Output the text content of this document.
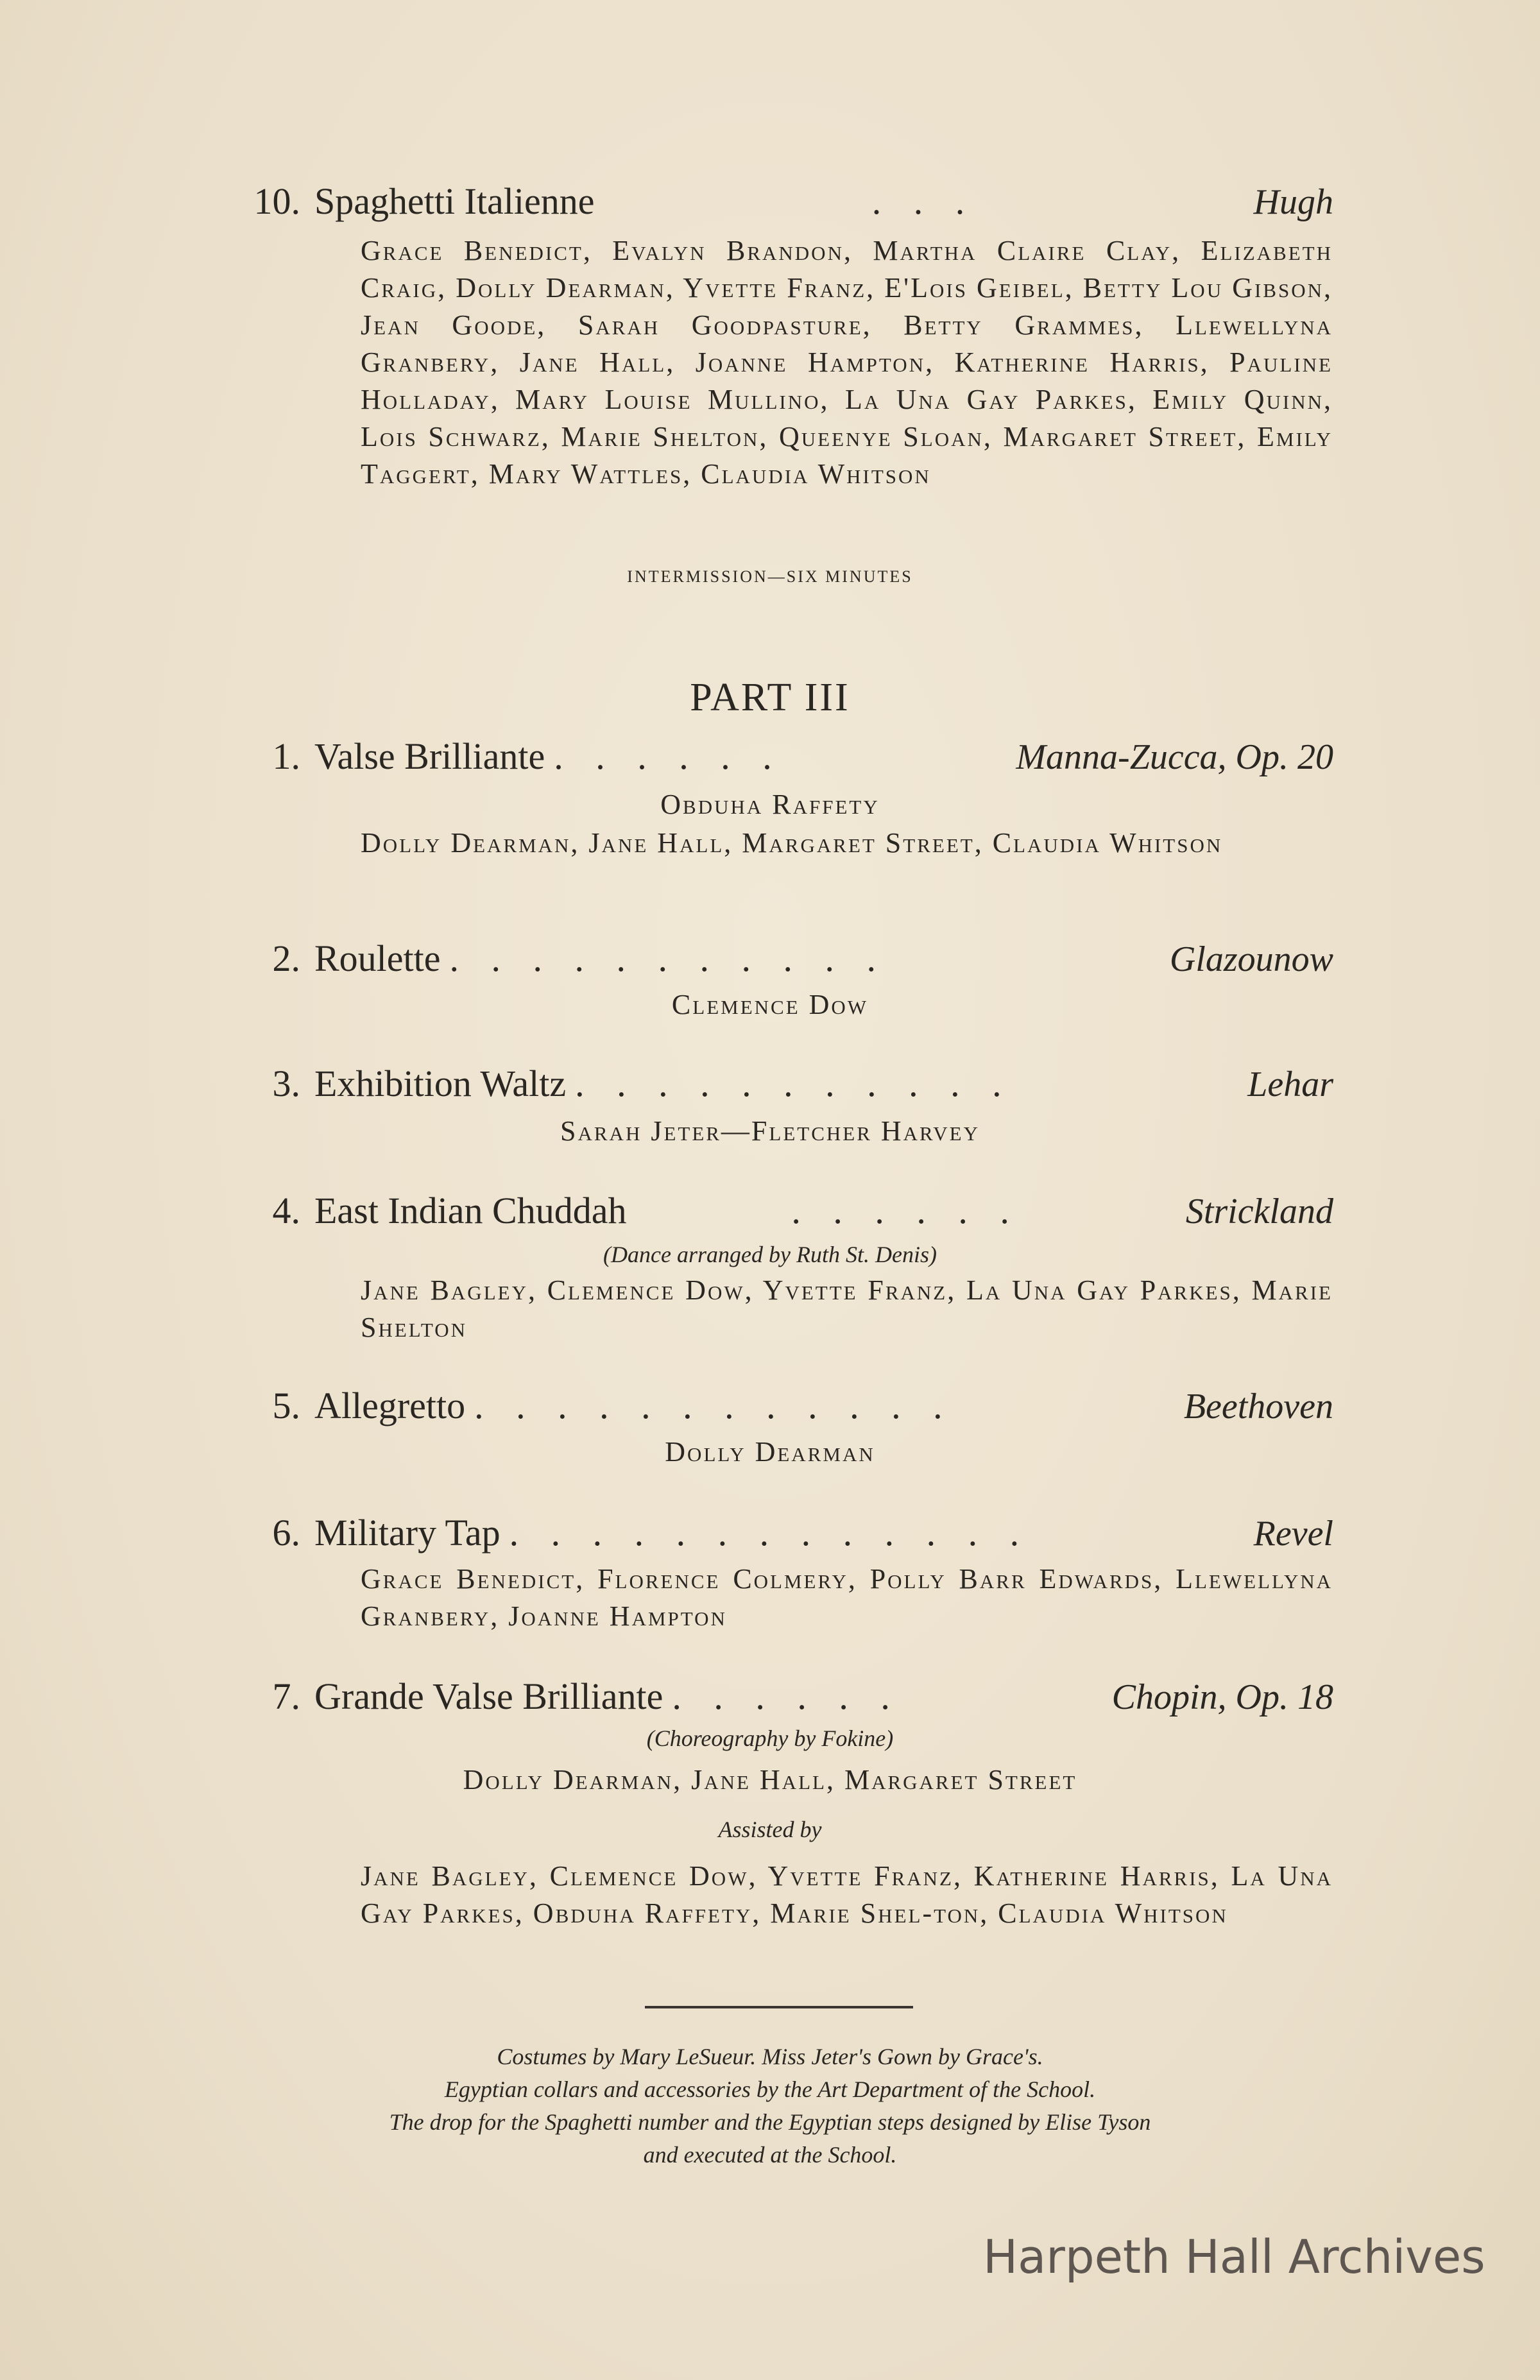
10. Spaghetti Italienne	. . .	Hugh
Grace Benedict, Evalyn Brandon, Martha Claire Clay, Elizabeth Craig, Dolly Dearman, Yvette Franz, E'Lois Geibel, Betty Lou Gibson, Jean Goode, Sarah Goodpasture, Betty Grammes, Llewellyna Granbery, Jane Hall, Joanne Hampton, Katherine Harris, Pauline Holladay, Mary Louise Mullino, La Una Gay Parkes, Emily Quinn, Lois Schwarz, Marie Shelton, Queenye Sloan, Margaret Street, Emily Taggert, Mary Wattles, Claudia Whitson
INTERMISSION—SIX MINUTES
PART III
1. Valse Brilliante . . . . . .	Manna-Zucca, Op. 20
Obduha Raffety
Dolly Dearman, Jane Hall, Margaret Street, Claudia Whitson
2. Roulette . . . . . . . . . . .	Glazounow
Clemence Dow
3. Exhibition Waltz . . . . . . . . . . .	Lehar
Sarah Jeter—Fletcher Harvey
4. East Indian Chuddah	. . . . . .	Strickland
(Dance arranged by Ruth St. Denis)
Jane Bagley, Clemence Dow, Yvette Franz, La Una Gay Parkes, Marie Shelton
5. Allegretto . . . . . . . . . . . .	Beethoven
Dolly Dearman
6. Military Tap . . . . . . . . . . . . .	Revel
Grace Benedict, Florence Colmery, Polly Barr Edwards, Llewellyna Granbery, Joanne Hampton
7. Grande Valse Brilliante . . . . . .	Chopin, Op. 18
(Choreography by Fokine)
Dolly Dearman, Jane Hall, Margaret Street
Assisted by
Jane Bagley, Clemence Dow, Yvette Franz, Katherine Harris, La Una Gay Parkes, Obduha Raffety, Marie Shel-ton, Claudia Whitson
Costumes by Mary LeSueur. Miss Jeter's Gown by Grace's.
Egyptian collars and accessories by the Art Department of the School.
The drop for the Spaghetti number and the Egyptian steps designed by Elise Tyson
and executed at the School.
Harpeth Hall Archives
